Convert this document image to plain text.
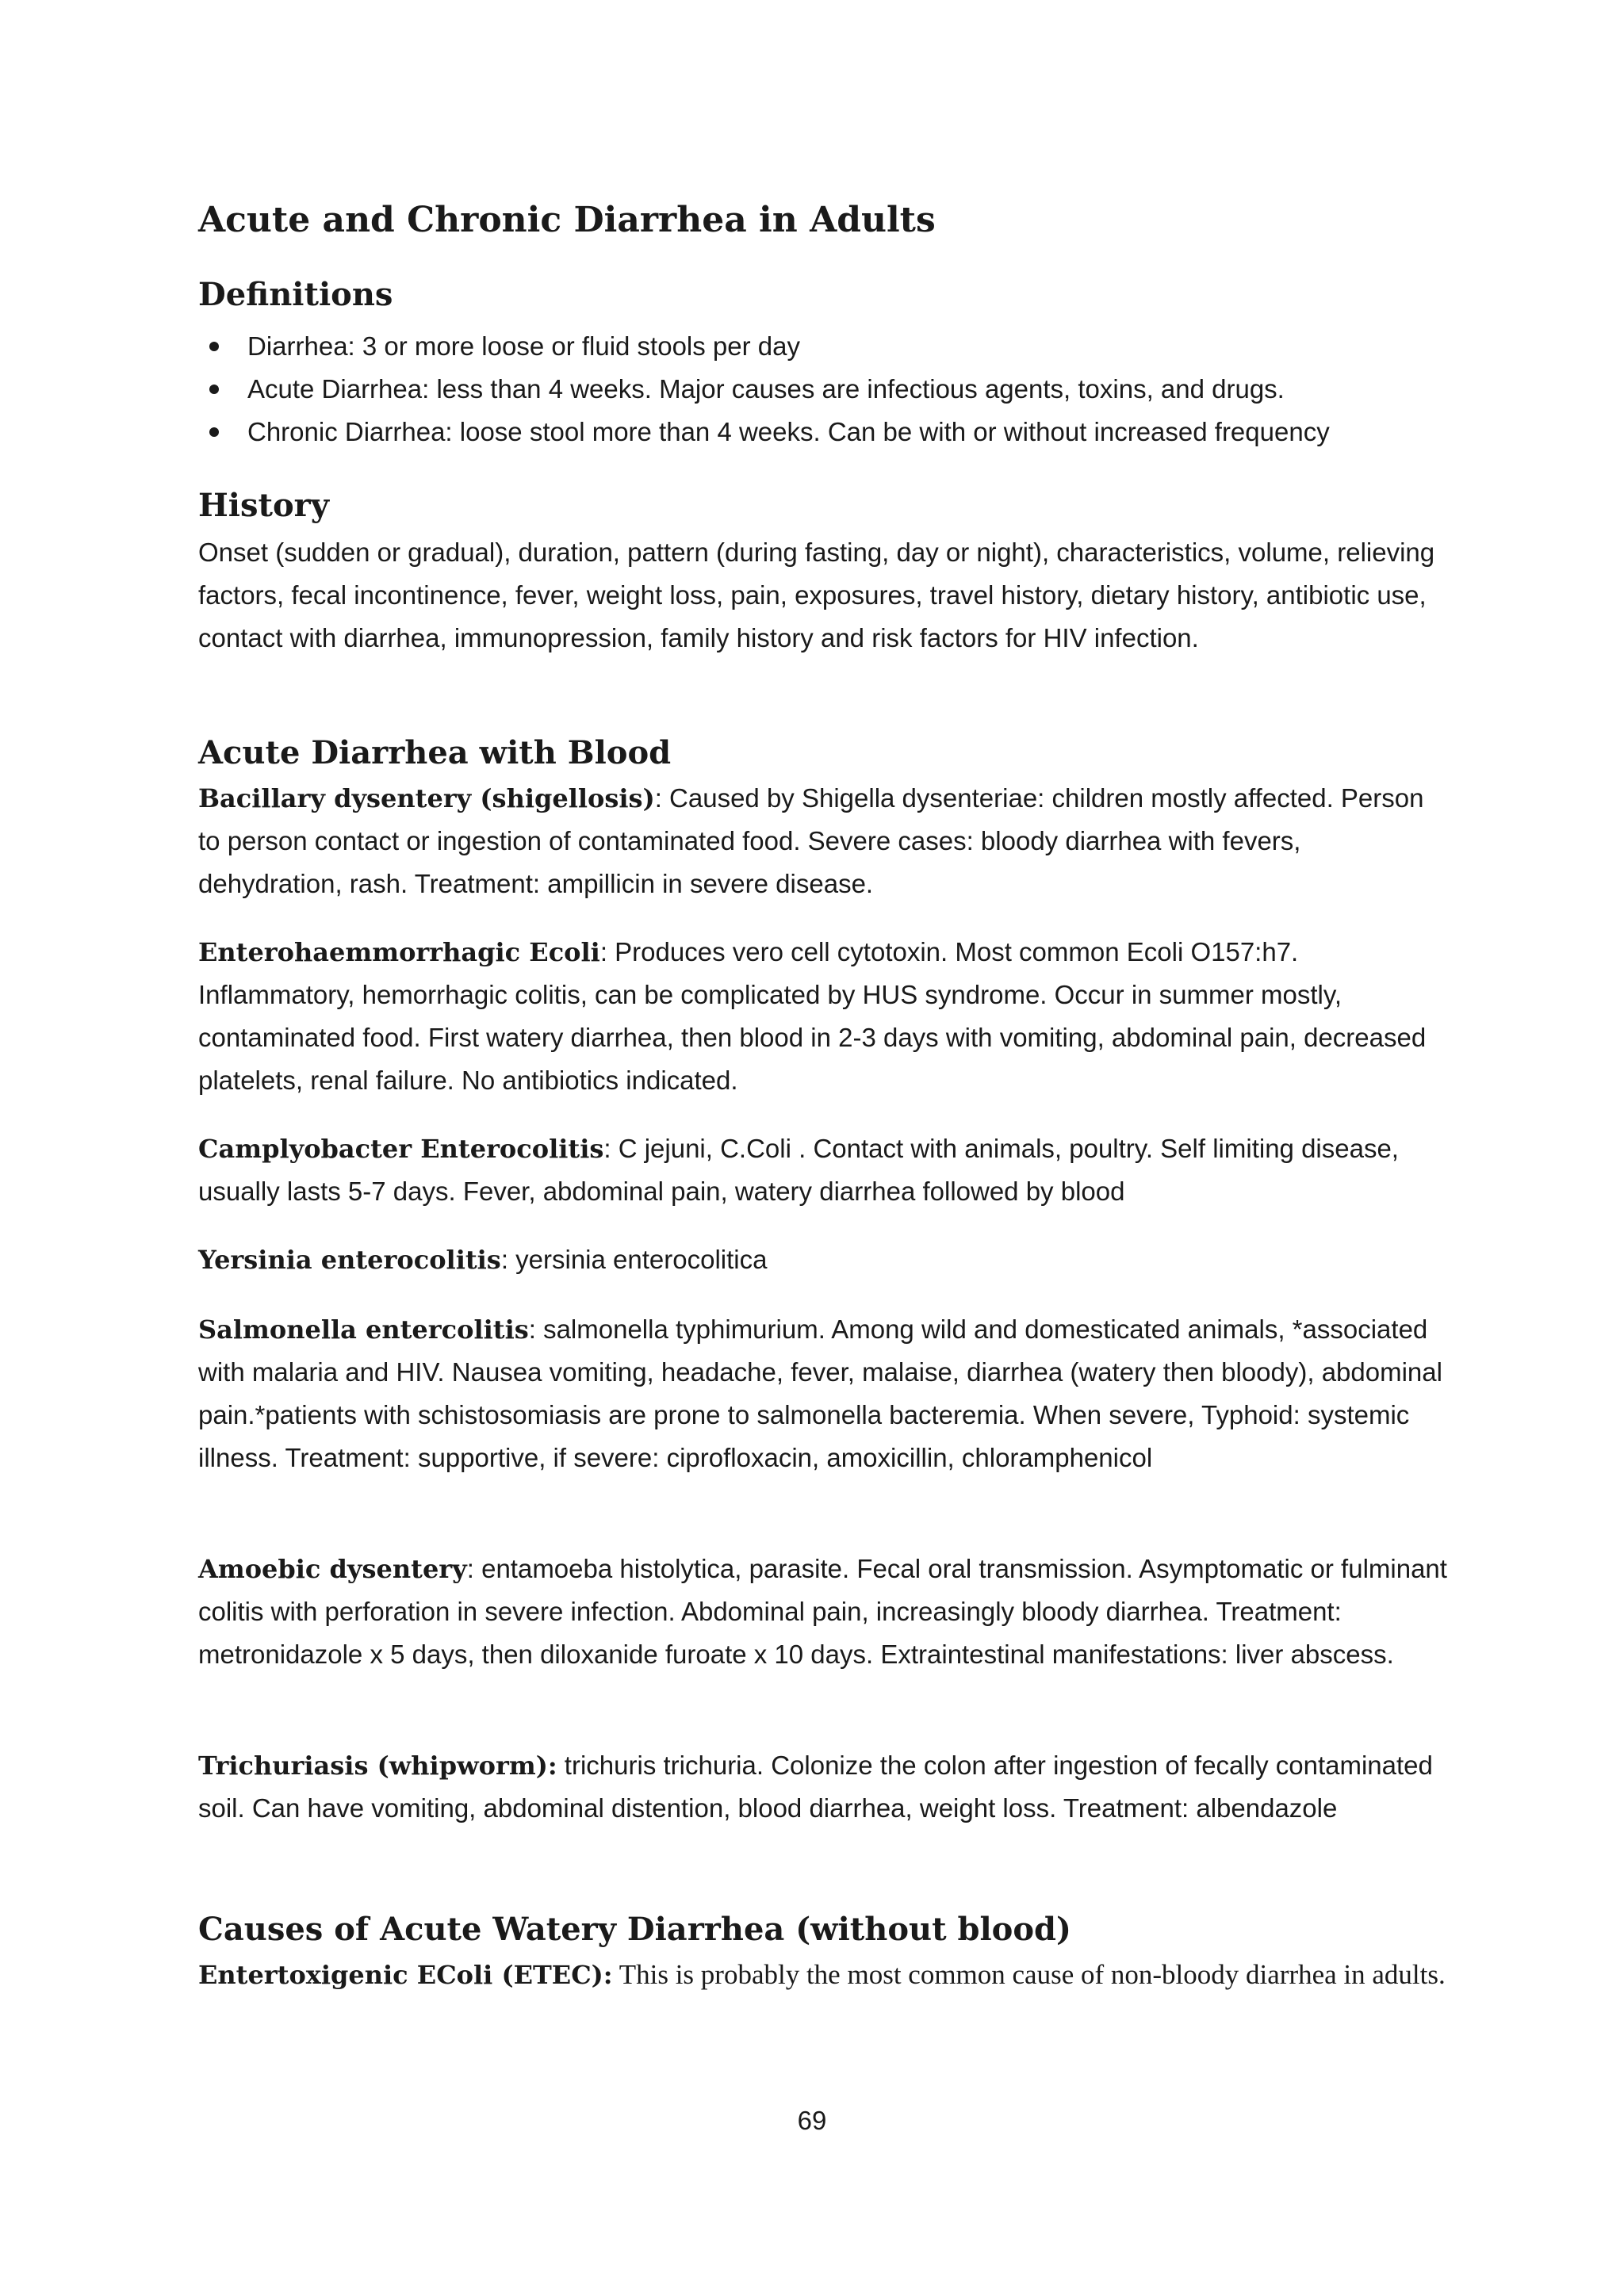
Acute and Chronic Diarrhea in Adults
Definitions
Diarrhea: 3 or more loose or fluid stools per day
Acute Diarrhea: less than 4 weeks. Major causes are infectious agents, toxins, and drugs.
Chronic Diarrhea: loose stool more than 4 weeks. Can be with or without increased frequency
History

Onset (sudden or gradual), duration, pattern (during fasting, day or night), characteristics, volume, relieving factors, fecal incontinence, fever, weight loss, pain, exposures, travel history, dietary history, antibiotic use, contact with diarrhea, immunopression, family history and risk factors for HIV infection.

Acute Diarrhea with Blood

Bacillary dysentery (shigellosis): Caused by Shigella dysenteriae: children mostly affected. Person to person contact or ingestion of contaminated food. Severe cases: bloody diarrhea with fevers, dehydration, rash. Treatment: ampillicin in severe disease.

Enterohaemmorrhagic Ecoli: Produces vero cell cytotoxin. Most common Ecoli O157:h7. Inflammatory, hemorrhagic colitis, can be complicated by HUS syndrome. Occur in summer mostly, contaminated food. First watery diarrhea, then blood in 2-3 days with vomiting, abdominal pain, decreased platelets, renal failure. No antibiotics indicated.

Camplyobacter Enterocolitis: C jejuni, C.Coli . Contact with animals, poultry. Self limiting disease, usually lasts 5-7 days. Fever, abdominal pain, watery diarrhea followed by blood

Yersinia enterocolitis: yersinia enterocolitica

Salmonella entercolitis: salmonella typhimurium. Among wild and domesticated animals, *associated with malaria and HIV. Nausea vomiting, headache, fever, malaise, diarrhea (watery then bloody), abdominal pain.*patients with schistosomiasis are prone to salmonella bacteremia. When severe, Typhoid: systemic illness. Treatment: supportive, if severe: ciprofloxacin, amoxicillin, chloramphenicol

Amoebic dysentery: entamoeba histolytica, parasite. Fecal oral transmission. Asymptomatic or fulminant colitis with perforation in severe infection. Abdominal pain, increasingly bloody diarrhea. Treatment: metronidazole x 5 days, then diloxanide furoate x 10 days. Extraintestinal manifestations: liver abscess.

Trichuriasis (whipworm): trichuris trichuria. Colonize the colon after ingestion of fecally contaminated soil. Can have vomiting, abdominal distention, blood diarrhea, weight loss. Treatment: albendazole

Causes of Acute Watery Diarrhea (without blood)

Entertoxigenic EColi (ETEC): This is probably the most common cause of non-bloody diarrhea in adults.

69
